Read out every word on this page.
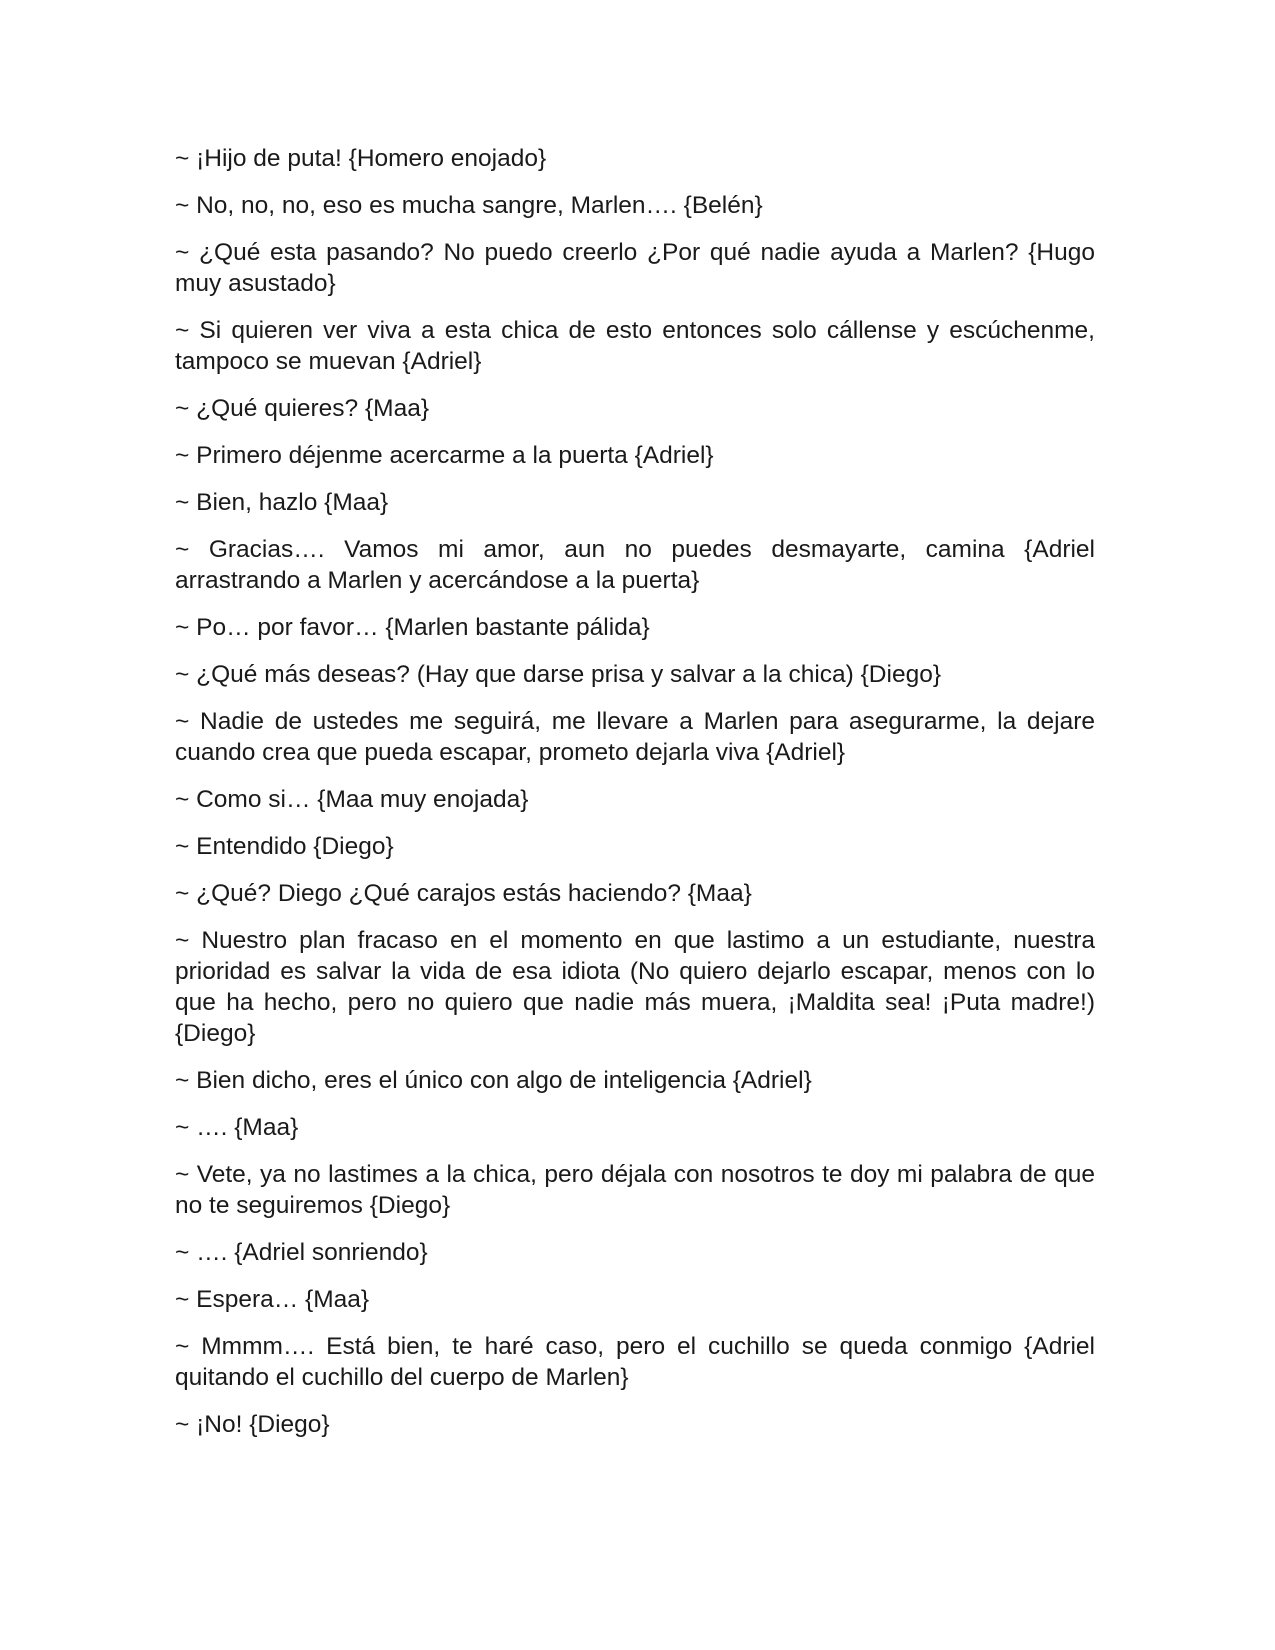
~ ¡Hijo de puta! {Homero enojado}

~ No, no, no, eso es mucha sangre, Marlen…. {Belén}

~ ¿Qué esta pasando? No puedo creerlo ¿Por qué nadie ayuda a Marlen? {Hugo muy asustado}

~ Si quieren ver viva a esta chica de esto entonces solo cállense y escúchenme, tampoco se muevan {Adriel}

~ ¿Qué quieres? {Maa}

~ Primero déjenme acercarme a la puerta {Adriel}

~ Bien, hazlo {Maa}

~ Gracias…. Vamos mi amor, aun no puedes desmayarte, camina {Adriel arrastrando a Marlen y acercándose a la puerta}

~ Po… por favor… {Marlen bastante pálida}

~ ¿Qué más deseas? (Hay que darse prisa y salvar a la chica) {Diego}

~ Nadie de ustedes me seguirá, me llevare a Marlen para asegurarme, la dejare cuando crea que pueda escapar, prometo dejarla viva {Adriel}

~ Como si… {Maa muy enojada}

~ Entendido {Diego}

~ ¿Qué? Diego ¿Qué carajos estás haciendo? {Maa}

~ Nuestro plan fracaso en el momento en que lastimo a un estudiante, nuestra prioridad es salvar la vida de esa idiota (No quiero dejarlo escapar, menos con lo que ha hecho, pero no quiero que nadie más muera, ¡Maldita sea! ¡Puta madre!) {Diego}

~ Bien dicho, eres el único con algo de inteligencia {Adriel}

~ …. {Maa}

~ Vete, ya no lastimes a la chica, pero déjala con nosotros te doy mi palabra de que no te seguiremos {Diego}

~ …. {Adriel sonriendo}

~ Espera… {Maa}

~ Mmmm…. Está bien, te haré caso, pero el cuchillo se queda conmigo {Adriel quitando el cuchillo del cuerpo de Marlen}

~ ¡No! {Diego}
